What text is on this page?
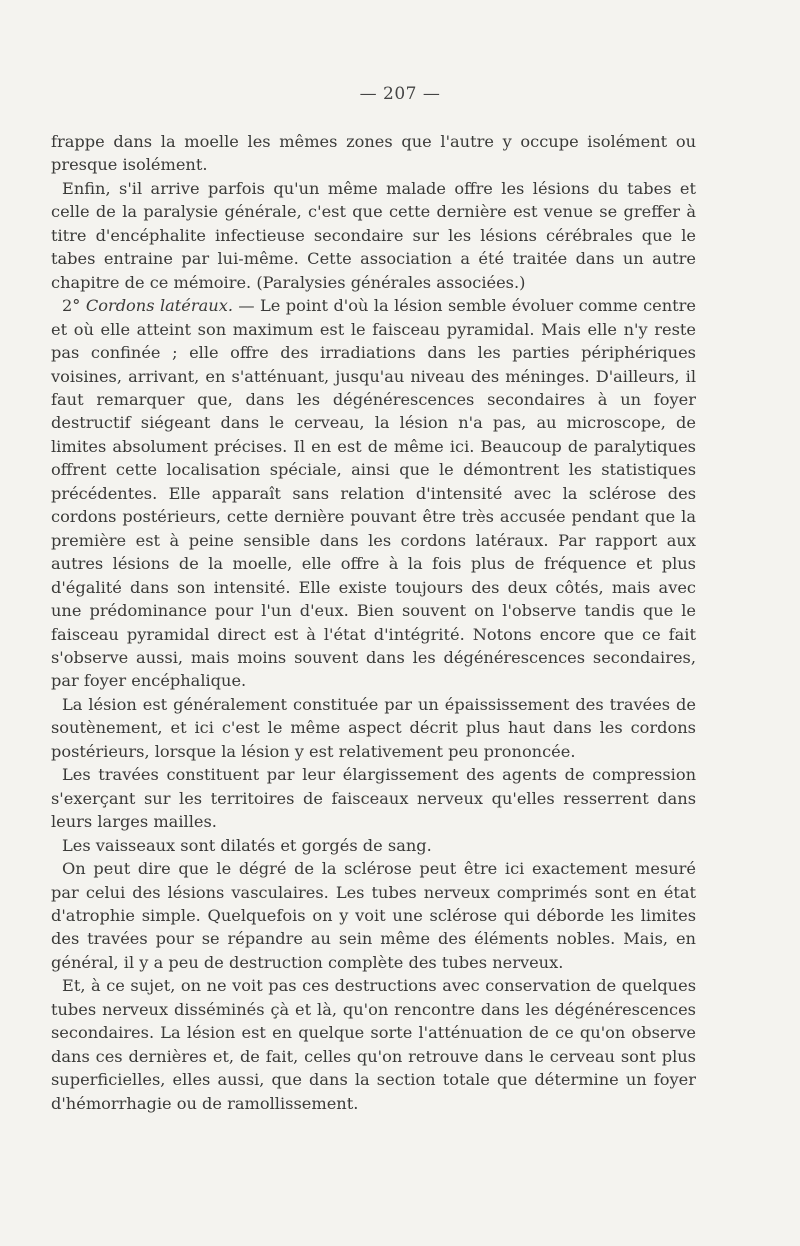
— 207 —

frappe dans la moelle les mêmes zones que l'autre y occupe isolément ou presque isolément.

Enfin, s'il arrive parfois qu'un même malade offre les lésions du tabes et celle de la paralysie générale, c'est que cette dernière est venue se greffer à titre d'encéphalite infectieuse secondaire sur les lésions cérébrales que le tabes entraine par lui-même. Cette association a été traitée dans un autre chapitre de ce mémoire. (Paralysies générales associées.)

2° Cordons latéraux. — Le point d'où la lésion semble évoluer comme centre et où elle atteint son maximum est le faisceau pyramidal. Mais elle n'y reste pas confinée ; elle offre des irradiations dans les parties périphériques voisines, arrivant, en s'atténuant, jusqu'au niveau des méninges. D'ailleurs, il faut remarquer que, dans les dégénérescences secondaires à un foyer destructif siégeant dans le cerveau, la lésion n'a pas, au microscope, de limites absolument précises. Il en est de même ici. Beaucoup de paralytiques offrent cette localisation spéciale, ainsi que le démontrent les statistiques précédentes. Elle apparaît sans relation d'intensité avec la sclérose des cordons postérieurs, cette dernière pouvant être très accusée pendant que la première est à peine sensible dans les cordons latéraux. Par rapport aux autres lésions de la moelle, elle offre à la fois plus de fréquence et plus d'égalité dans son intensité. Elle existe toujours des deux côtés, mais avec une prédominance pour l'un d'eux. Bien souvent on l'observe tandis que le faisceau pyramidal direct est à l'état d'intégrité. Notons encore que ce fait s'observe aussi, mais moins souvent dans les dégénérescences secondaires, par foyer encéphalique.

La lésion est généralement constituée par un épaississement des travées de soutènement, et ici c'est le même aspect décrit plus haut dans les cordons postérieurs, lorsque la lésion y est relativement peu prononcée.

Les travées constituent par leur élargissement des agents de compression s'exerçant sur les territoires de faisceaux nerveux qu'elles resserrent dans leurs larges mailles.

Les vaisseaux sont dilatés et gorgés de sang.

On peut dire que le dégré de la sclérose peut être ici exactement mesuré par celui des lésions vasculaires. Les tubes nerveux comprimés sont en état d'atrophie simple. Quelquefois on y voit une sclérose qui déborde les limites des travées pour se répandre au sein même des éléments nobles. Mais, en général, il y a peu de destruction complète des tubes nerveux.

Et, à ce sujet, on ne voit pas ces destructions avec conservation de quelques tubes nerveux disséminés çà et là, qu'on rencontre dans les dégénérescences secondaires. La lésion est en quelque sorte l'atténuation de ce qu'on observe dans ces dernières et, de fait, celles qu'on retrouve dans le cerveau sont plus superficielles, elles aussi, que dans la section totale que détermine un foyer d'hémorrhagie ou de ramollissement.
